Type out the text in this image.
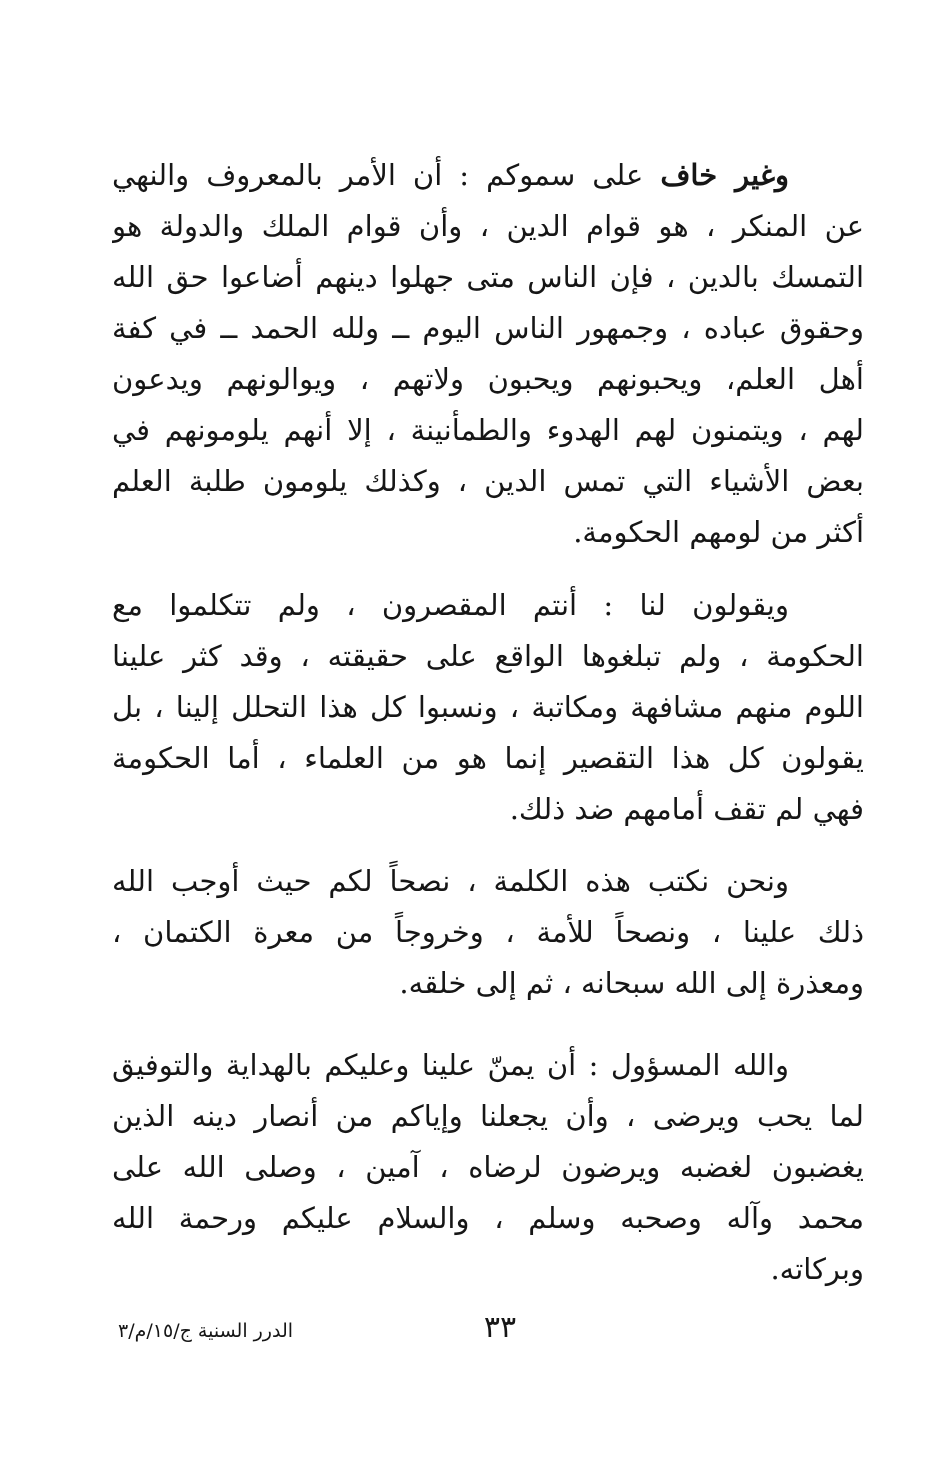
وغير خاف على سموكم : أن الأمر بالمعروف والنهي
عن المنكر ، هو قوام الدين ، وأن قوام الملك والدولة هو
التمسك بالدين ، فإن الناس متى جهلوا دينهم أضاعوا حق الله
وحقوق عباده ، وجمهور الناس اليوم ــ ولله الحمد ــ في كفة
أهل العلم، ويحبونهم ويحبون ولاتهم ، ويوالونهم ويدعون
لهم ، ويتمنون لهم الهدوء والطمأنينة ، إلا أنهم يلومونهم في
بعض الأشياء التي تمس الدين ، وكذلك يلومون طلبة العلم
أكثر من لومهم الحكومة.
ويقولون لنا : أنتم المقصرون ، ولم تتكلموا مع
الحكومة ، ولم تبلغوها الواقع على حقيقته ، وقد كثر علينا
اللوم منهم مشافهة ومكاتبة ، ونسبوا كل هذا التحلل إلينا ، بل
يقولون كل هذا التقصير إنما هو من العلماء ، أما الحكومة
فهي لم تقف أمامهم ضد ذلك.
ونحن نكتب هذه الكلمة ، نصحاً لكم حيث أوجب الله
ذلك علينا ، ونصحاً للأمة ، وخروجاً من معرة الكتمان ،
ومعذرة إلى الله سبحانه ، ثم إلى خلقه.
والله المسؤول : أن يمنّ علينا وعليكم بالهداية والتوفيق
لما يحب ويرضى ، وأن يجعلنا وإياكم من أنصار دينه الذين
يغضبون لغضبه ويرضون لرضاه ، آمين ، وصلى الله على
محمد وآله وصحبه وسلم ، والسلام عليكم ورحمة الله
وبركاته.
٣٣
الدرر السنية ج/١٥/م/٣
